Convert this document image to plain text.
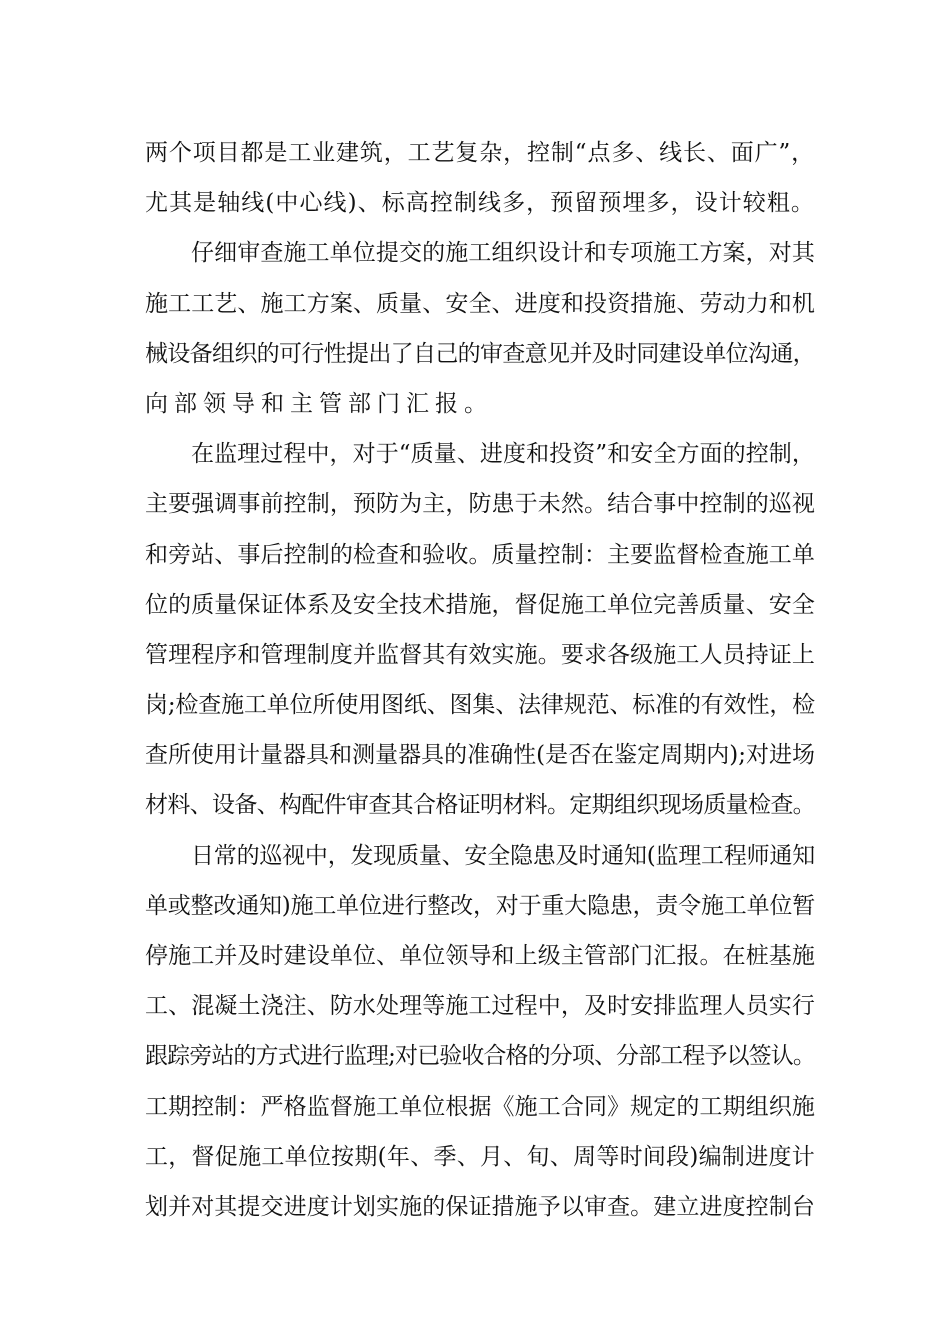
两个项目都是工业建筑，工艺复杂，控制“点多、线长、面广”，
尤其是轴线(中心线)、标高控制线多，预留预埋多，设计较粗。
仔细审查施工单位提交的施工组织设计和专项施工方案，对其
施工工艺、施工方案、质量、安全、进度和投资措施、劳动力和机
械设备组织的可行性提出了自己的审查意见并及时同建设单位沟通，
向部领导和主管部门汇报。
在监理过程中，对于“质量、进度和投资”和安全方面的控制，
主要强调事前控制，预防为主，防患于未然。结合事中控制的巡视
和旁站、事后控制的检查和验收。质量控制：主要监督检查施工单
位的质量保证体系及安全技术措施，督促施工单位完善质量、安全
管理程序和管理制度并监督其有效实施。要求各级施工人员持证上
岗;检查施工单位所使用图纸、图集、法律规范、标准的有效性，检
查所使用计量器具和测量器具的准确性(是否在鉴定周期内);对进场
材料、设备、构配件审查其合格证明材料。定期组织现场质量检查。
日常的巡视中，发现质量、安全隐患及时通知(监理工程师通知
单或整改通知)施工单位进行整改，对于重大隐患，责令施工单位暂
停施工并及时建设单位、单位领导和上级主管部门汇报。在桩基施
工、混凝土浇注、防水处理等施工过程中，及时安排监理人员实行
跟踪旁站的方式进行监理;对已验收合格的分项、分部工程予以签认。
工期控制：严格监督施工单位根据《施工合同》规定的工期组织施
工，督促施工单位按期(年、季、月、旬、周等时间段)编制进度计
划并对其提交进度计划实施的保证措施予以审查。建立进度控制台
